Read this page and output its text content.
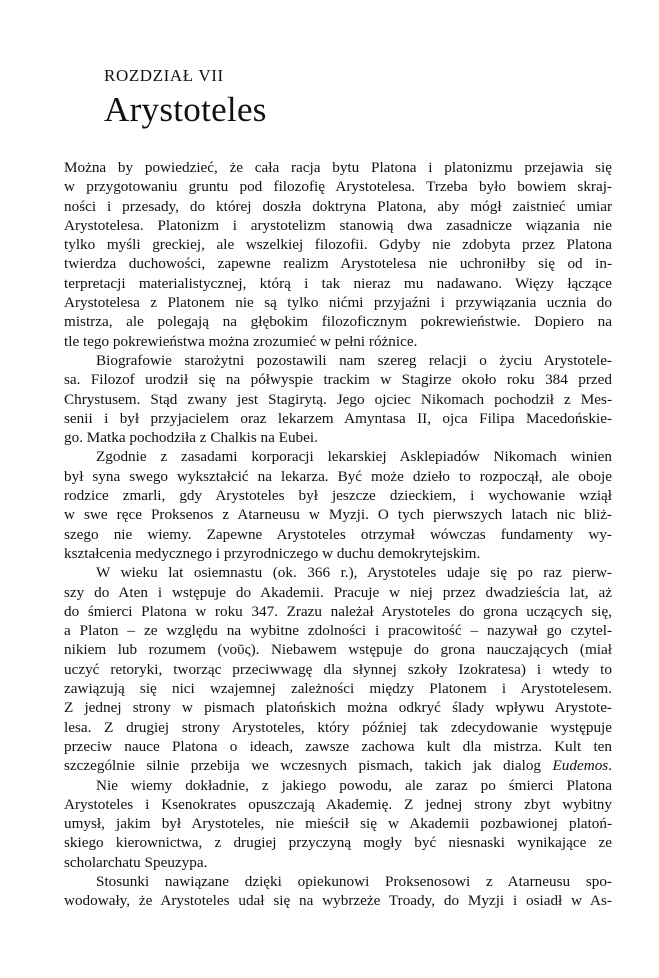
ROZDZIAŁ VII
Arystoteles
Można by powiedzieć, że cała racja bytu Platona i platonizmu przejawia się
w przygotowaniu gruntu pod filozofię Arystotelesa. Trzeba było bowiem skraj-
ności i przesady, do której doszła doktryna Platona, aby mógł zaistnieć umiar
Arystotelesa. Platonizm i arystotelizm stanowią dwa zasadnicze wiązania nie
tylko myśli greckiej, ale wszelkiej filozofii. Gdyby nie zdobyta przez Platona
twierdza duchowości, zapewne realizm Arystotelesa nie uchroniłby się od in-
terpretacji materialistycznej, którą i tak nieraz mu nadawano. Więzy łączące
Arystotelesa z Platonem nie są tylko nićmi przyjaźni i przywiązania ucznia do
mistrza, ale polegają na głębokim filozoficznym pokrewieństwie. Dopiero na
tle tego pokrewieństwa można zrozumieć w pełni różnice.
Biografowie starożytni pozostawili nam szereg relacji o życiu Arystotele-
sa. Filozof urodził się na półwyspie trackim w Stagirze około roku 384 przed
Chrystusem. Stąd zwany jest Stagirytą. Jego ojciec Nikomach pochodził z Mes-
senii i był przyjacielem oraz lekarzem Amyntasa II, ojca Filipa Macedońskie-
go. Matka pochodziła z Chalkis na Eubei.
Zgodnie z zasadami korporacji lekarskiej Asklepiadów Nikomach winien
był syna swego wykształcić na lekarza. Być może dzieło to rozpoczął, ale oboje
rodzice zmarli, gdy Arystoteles był jeszcze dzieckiem, i wychowanie wziął
w swe ręce Proksenos z Atarneusu w Myzji. O tych pierwszych latach nic bliż-
szego nie wiemy. Zapewne Arystoteles otrzymał wówczas fundamenty wy-
kształcenia medycznego i przyrodniczego w duchu demokrytejskim.
W wieku lat osiemnastu (ok. 366 r.), Arystoteles udaje się po raz pierw-
szy do Aten i wstępuje do Akademii. Pracuje w niej przez dwadzieścia lat, aż
do śmierci Platona w roku 347. Zrazu należał Arystoteles do grona uczących się,
a Platon – ze względu na wybitne zdolności i pracowitość – nazywał go czytel-
nikiem lub rozumem (νοῦς). Niebawem wstępuje do grona nauczających (miał
uczyć retoryki, tworząc przeciwwagę dla słynnej szkoły Izokratesa) i wtedy to
zawiązują się nici wzajemnej zależności między Platonem i Arystotelesem.
Z jednej strony w pismach platońskich można odkryć ślady wpływu Arystote-
lesa. Z drugiej strony Arystoteles, który później tak zdecydowanie występuje
przeciw nauce Platona o ideach, zawsze zachowa kult dla mistrza. Kult ten
szczególnie silnie przebija we wczesnych pismach, takich jak dialog Eudemos.
Nie wiemy dokładnie, z jakiego powodu, ale zaraz po śmierci Platona
Arystoteles i Ksenokrates opuszczają Akademię. Z jednej strony zbyt wybitny
umysł, jakim był Arystoteles, nie mieścił się w Akademii pozbawionej platoń-
skiego kierownictwa, z drugiej przyczyną mogły być niesnaski wynikające ze
scholarchatu Speuzypa.
Stosunki nawiązane dzięki opiekunowi Proksenosowi z Atarneusu spo-
wodowały, że Arystoteles udał się na wybrzeże Troady, do Myzji i osiadł w As-
